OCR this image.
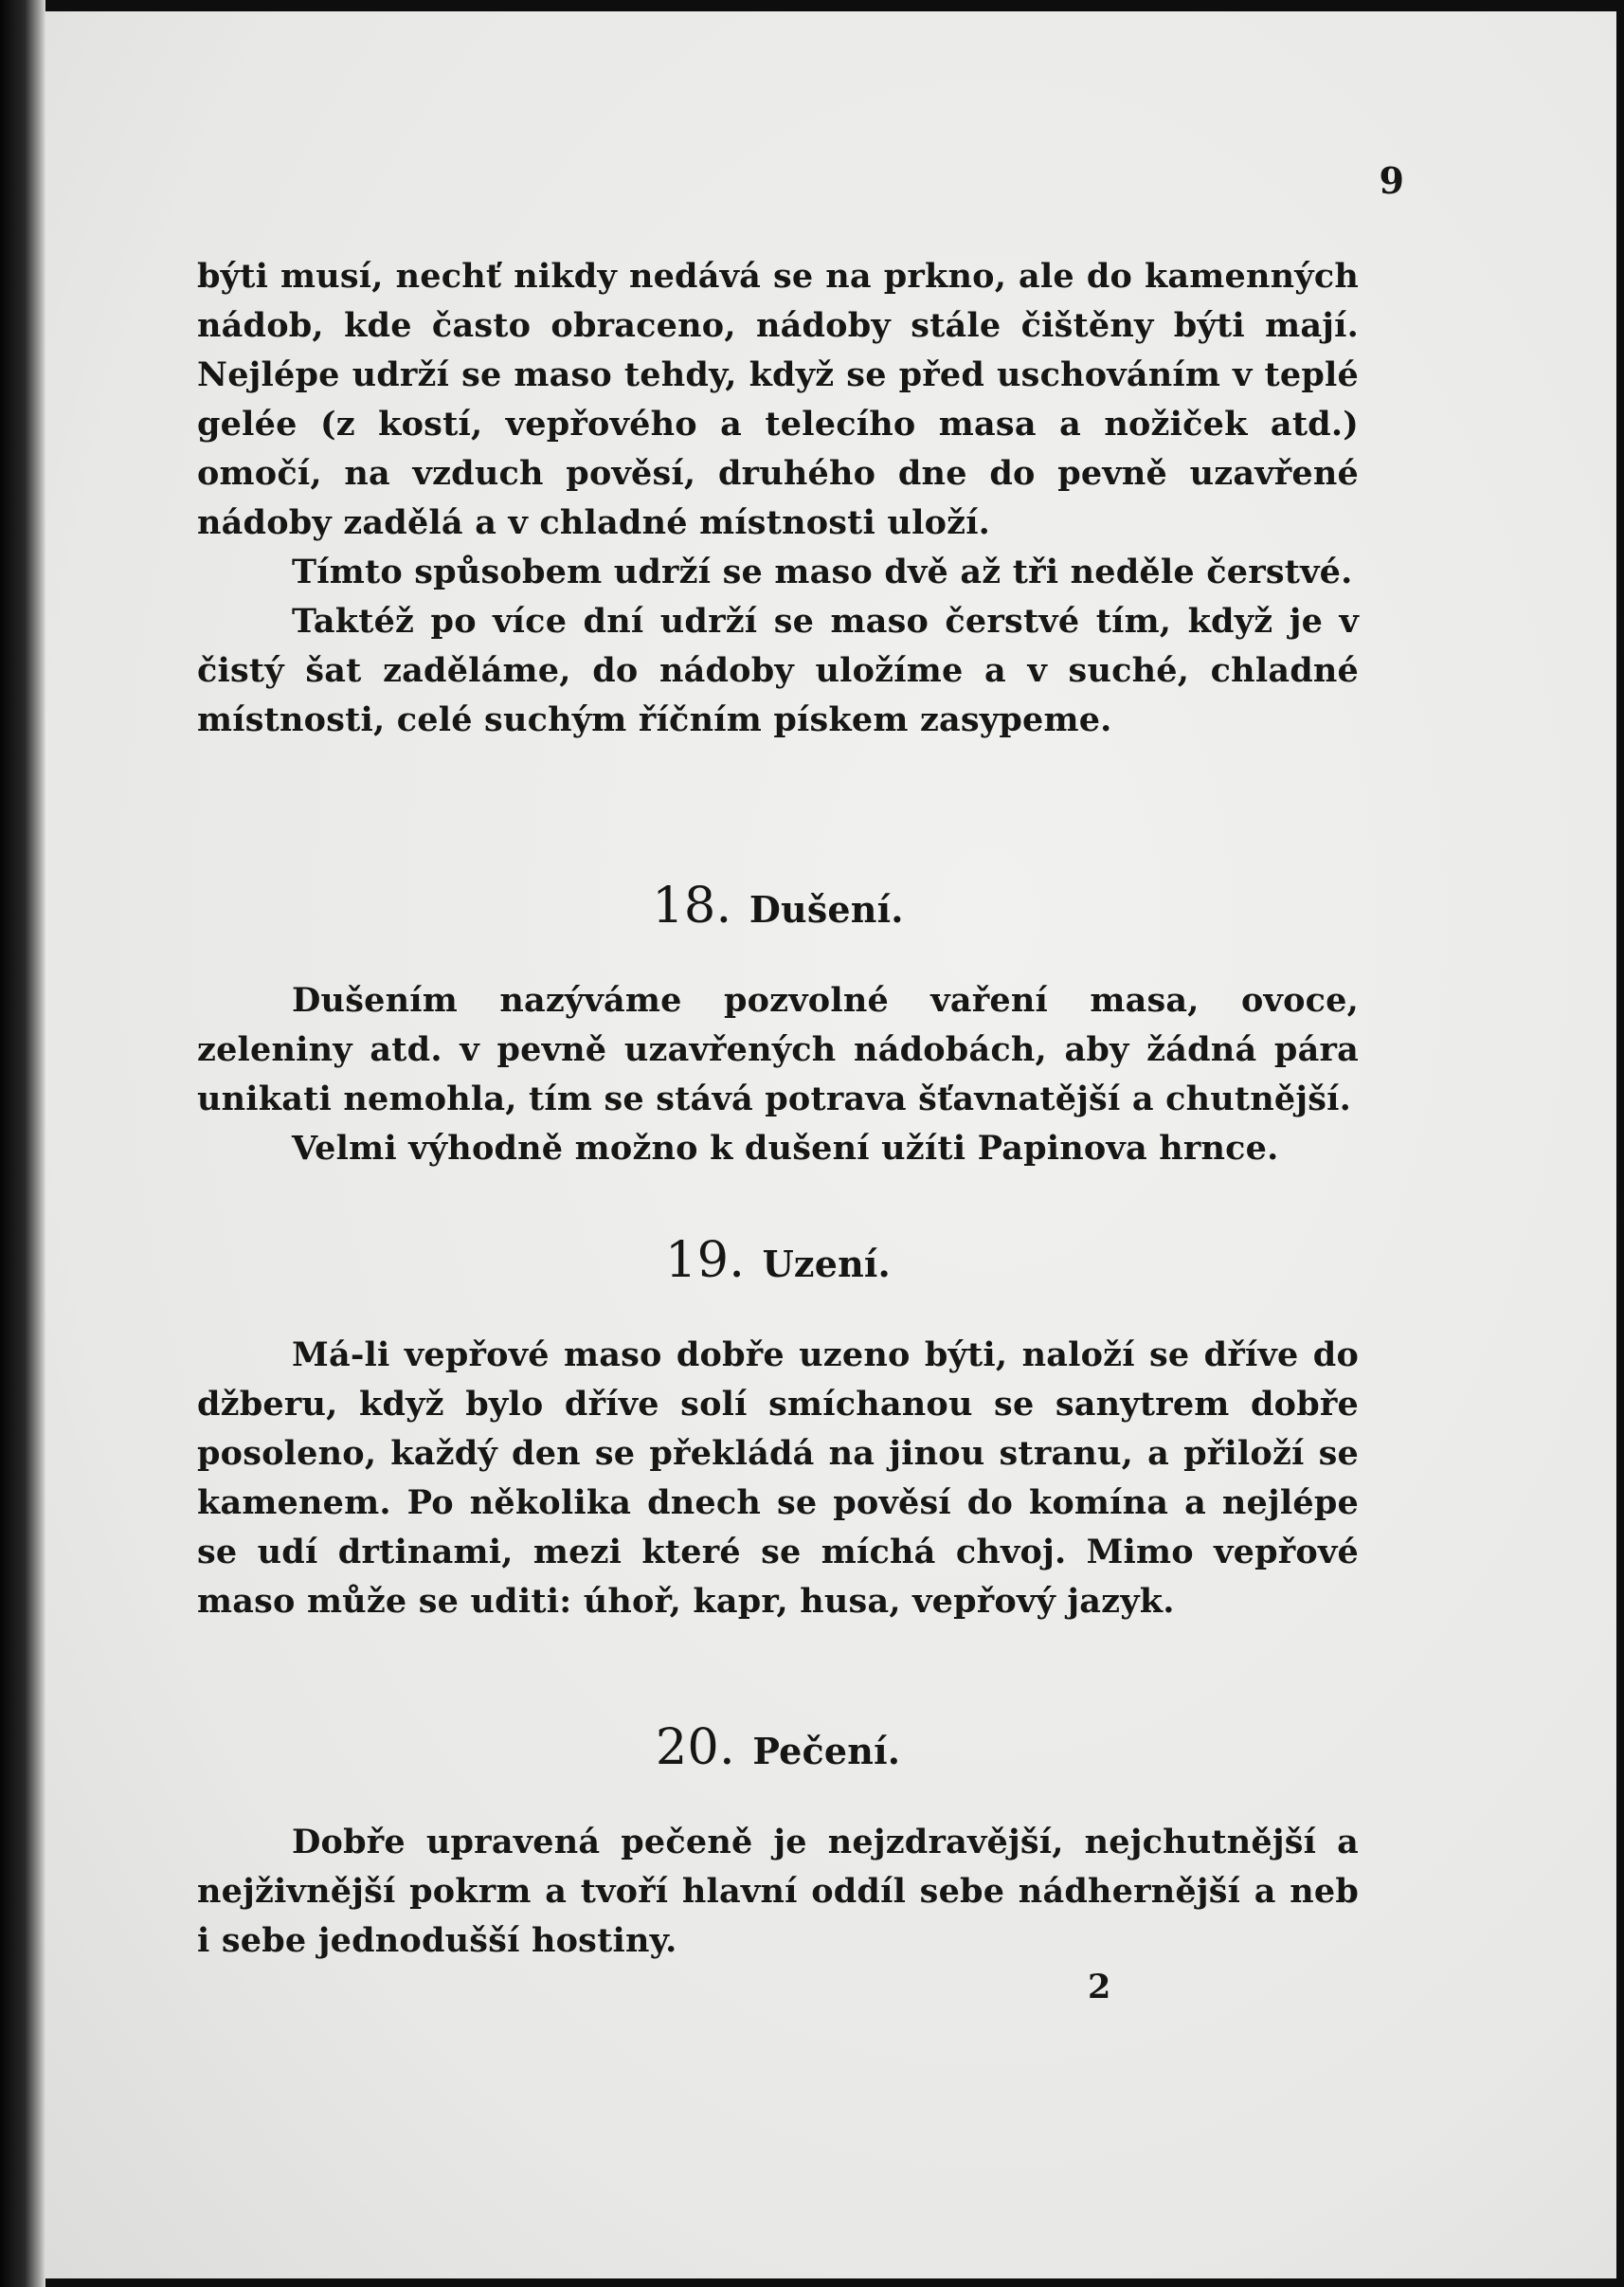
9

býti musí, nechť nikdy nedává se na prkno, ale do kamenných nádob, kde často obraceno, nádoby stále čištěny býti mají. Nejlépe udrží se maso tehdy, když se před uschováním v teplé gelée (z kostí, vepřového a telecího masa a nožiček atd.) omočí, na vzduch pověsí, druhého dne do pevně uzavřené nádoby zadělá a v chladné místnosti uloží.

Tímto spůsobem udrží se maso dvě až tři neděle čerstvé.

Taktéž po více dní udrží se maso čerstvé tím, když je v čistý šat zaděláme, do nádoby uložíme a v suché, chladné místnosti, celé suchým říčním pískem zasypeme.

18. Dušení.

Dušením nazýváme pozvolné vaření masa, ovoce, zeleniny atd. v pevně uzavřených nádobách, aby žádná pára unikati nemohla, tím se stává potrava šťavnatější a chutnější.

Velmi výhodně možno k dušení užíti Papinova hrnce.

19. Uzení.

Má-li vepřové maso dobře uzeno býti, naloží se dříve do džberu, když bylo dříve solí smíchanou se sanytrem dobře posoleno, každý den se překládá na jinou stranu, a přiloží se kamenem. Po několika dnech se pověsí do komína a nejlépe se udí drtinami, mezi které se míchá chvoj. Mimo vepřové maso může se uditi: úhoř, kapr, husa, vepřový jazyk.

20. Pečení.

Dobře upravená pečeně je nejzdravější, nejchutnější a nejživnější pokrm a tvoří hlavní oddíl sebe nádhernější a neb i sebe jednodušší hostiny.

2
